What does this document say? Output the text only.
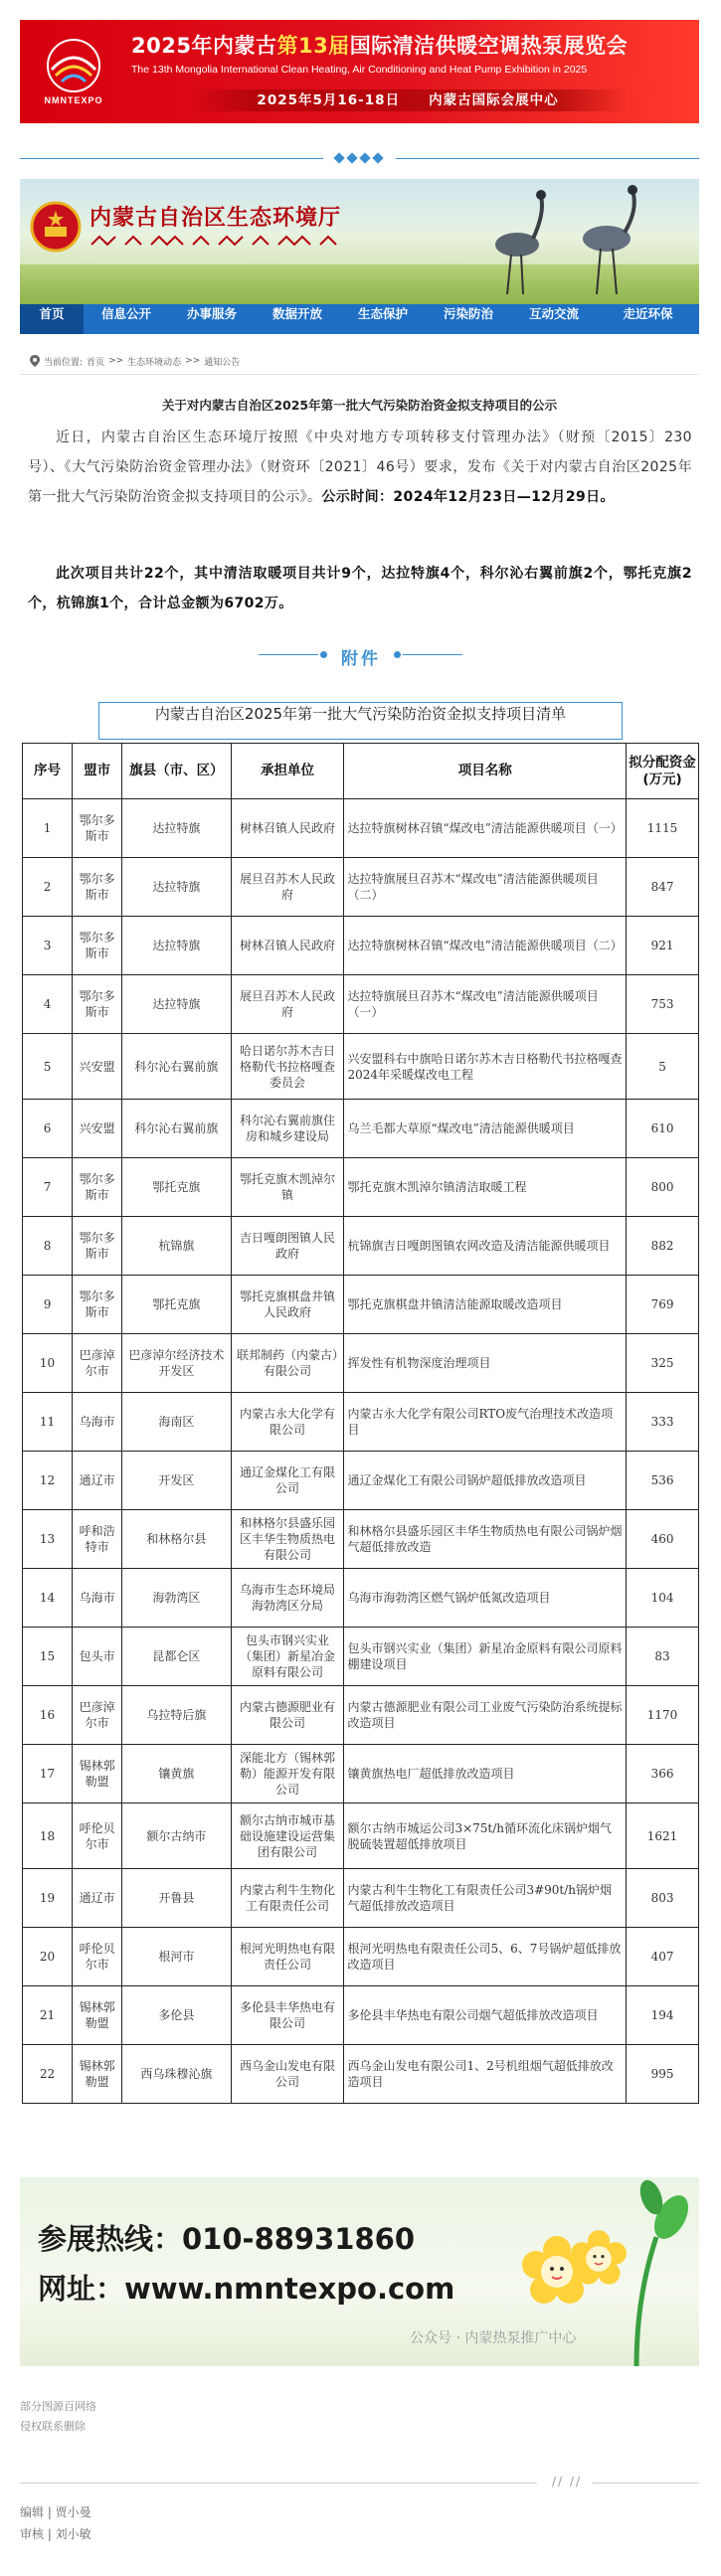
NMNTEXPO
2025年内蒙古第13届国际清洁供暖空调热泵展览会
The 13th Mongolia International Clean Heating, Air Conditioning and Heat Pump Exhibition in 2025
2025年5月16-18日　　内蒙古国际会展中心
内蒙古自治区生态环境厅
首页	信息公开	办事服务	数据开放	生态保护	污染防治	互动交流	走近环保
当前位置: 首页 >> 生态环境动态 >> 通知公告
关于对内蒙古自治区2025年第一批大气污染防治资金拟支持项目的公示
近日，内蒙古自治区生态环境厅按照《中央对地方专项转移支付管理办法》（财预〔2015〕230号）、《大气污染防治资金管理办法》（财资环〔2021〕46号）要求，发布《关于对内蒙古自治区2025年第一批大气污染防治资金拟支持项目的公示》。公示时间：2024年12月23日—12月29日。
此次项目共计22个，其中清洁取暖项目共计9个，达拉特旗4个，科尔沁右翼前旗2个，鄂托克旗2个，杭锦旗1个，合计总金额为6702万。
附件
内蒙古自治区2025年第一批大气污染防治资金拟支持项目清单
序号	盟市	旗县（市、区）	承担单位	项目名称	拟分配资金(万元)
1	鄂尔多斯市	达拉特旗	树林召镇人民政府	达拉特旗树林召镇“煤改电”清洁能源供暖项目（一）	1115
2	鄂尔多斯市	达拉特旗	展旦召苏木人民政府	达拉特旗展旦召苏木“煤改电”清洁能源供暖项目（二）	847
3	鄂尔多斯市	达拉特旗	树林召镇人民政府	达拉特旗树林召镇“煤改电”清洁能源供暖项目（二）	921
4	鄂尔多斯市	达拉特旗	展旦召苏木人民政府	达拉特旗展旦召苏木“煤改电”清洁能源供暖项目（一）	753
5	兴安盟	科尔沁右翼前旗	哈日诺尔苏木吉日格勒代书拉格嘎查委员会	兴安盟科右中旗哈日诺尔苏木吉日格勒代书拉格嘎查2024年采暖煤改电工程	5
6	兴安盟	科尔沁右翼前旗	科尔沁右翼前旗住房和城乡建设局	乌兰毛都大草原“煤改电”清洁能源供暖项目	610
7	鄂尔多斯市	鄂托克旗	鄂托克旗木凯淖尔镇	鄂托克旗木凯淖尔镇清洁取暖工程	800
8	鄂尔多斯市	杭锦旗	吉日嘎朗图镇人民政府	杭锦旗吉日嘎朗图镇农网改造及清洁能源供暖项目	882
9	鄂尔多斯市	鄂托克旗	鄂托克旗棋盘井镇人民政府	鄂托克旗棋盘井镇清洁能源取暖改造项目	769
10	巴彦淖尔市	巴彦淖尔经济技术开发区	联邦制药（内蒙古）有限公司	挥发性有机物深度治理项目	325
11	乌海市	海南区	内蒙古永大化学有限公司	内蒙古永大化学有限公司RTO废气治理技术改造项目	333
12	通辽市	开发区	通辽金煤化工有限公司	通辽金煤化工有限公司锅炉超低排放改造项目	536
13	呼和浩特市	和林格尔县	和林格尔县盛乐园区丰华生物质热电有限公司	和林格尔县盛乐园区丰华生物质热电有限公司锅炉烟气超低排放改造	460
14	乌海市	海勃湾区	乌海市生态环境局海勃湾区分局	乌海市海勃湾区燃气锅炉低氮改造项目	104
15	包头市	昆都仑区	包头市钢兴实业（集团）新星冶金原料有限公司	包头市钢兴实业（集团）新星冶金原料有限公司原料棚建设项目	83
16	巴彦淖尔市	乌拉特后旗	内蒙古德源肥业有限公司	内蒙古德源肥业有限公司工业废气污染防治系统提标改造项目	1170
17	锡林郭勒盟	镶黄旗	深能北方（锡林郭勒）能源开发有限公司	镶黄旗热电厂超低排放改造项目	366
18	呼伦贝尔市	额尔古纳市	额尔古纳市城市基础设施建设运营集团有限公司	额尔古纳市城运公司3×75t/h循环流化床锅炉烟气脱硫装置超低排放项目	1621
19	通辽市	开鲁县	内蒙古利牛生物化工有限责任公司	内蒙古利牛生物化工有限责任公司3#90t/h锅炉烟气超低排放改造项目	803
20	呼伦贝尔市	根河市	根河光明热电有限责任公司	根河光明热电有限责任公司5、6、7号锅炉超低排放改造项目	407
21	锡林郭勒盟	多伦县	多伦县丰华热电有限公司	多伦县丰华热电有限公司烟气超低排放改造项目	194
22	锡林郭勒盟	西乌珠穆沁旗	西乌金山发电有限公司	西乌金山发电有限公司1、2号机组烟气超低排放改造项目	995
参展热线：010-88931860
网址：www.nmntexpo.com
公众号 · 内蒙热泵推广中心
部分图源百网络
侵权联系删除
// //
编辑 | 贾小曼
审核 | 刘小敏
